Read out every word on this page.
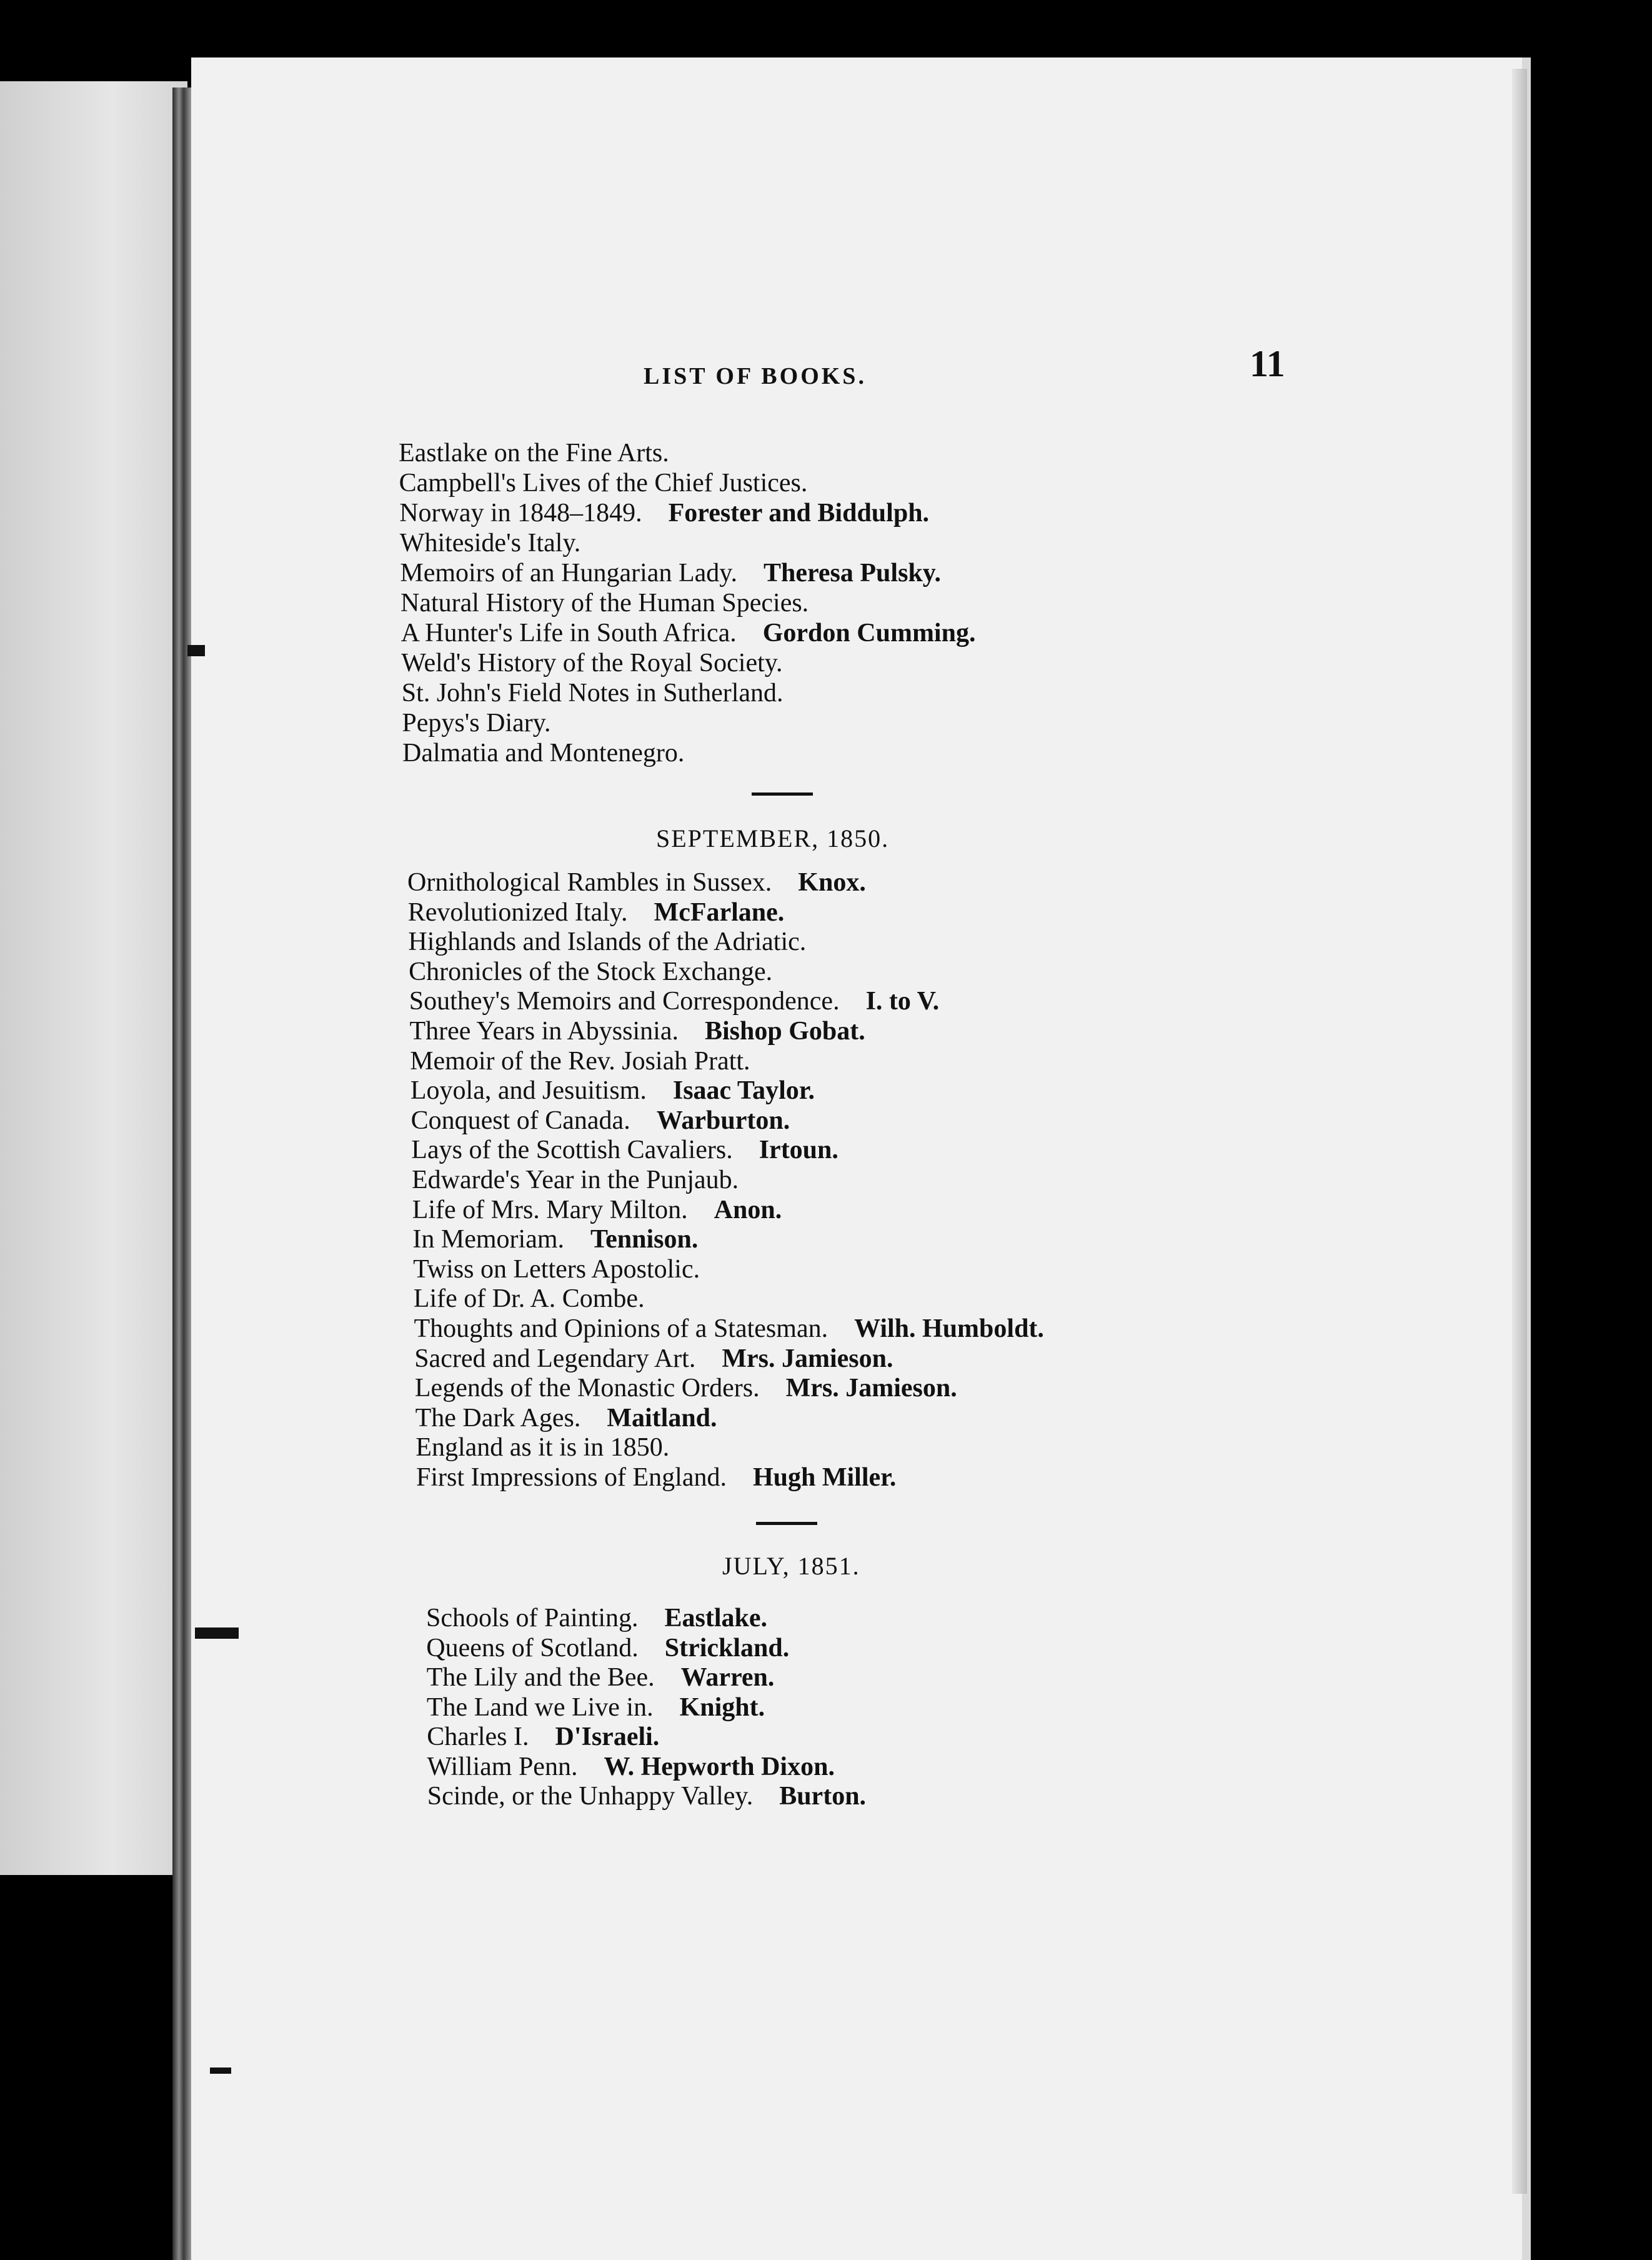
LIST OF BOOKS.	11
Eastlake on the Fine Arts.
Campbell's Lives of the Chief Justices.
Norway in 1848–1849.  Forester and Biddulph.
Whiteside's Italy.
Memoirs of an Hungarian Lady.  Theresa Pulsky.
Natural History of the Human Species.
A Hunter's Life in South Africa.  Gordon Cumming.
Weld's History of the Royal Society.
St. John's Field Notes in Sutherland.
Pepys's Diary.
Dalmatia and Montenegro.
SEPTEMBER, 1850.
Ornithological Rambles in Sussex.  Knox.
Revolutionized Italy.  McFarlane.
Highlands and Islands of the Adriatic.
Chronicles of the Stock Exchange.
Southey's Memoirs and Correspondence.  I. to V.
Three Years in Abyssinia.  Bishop Gobat.
Memoir of the Rev. Josiah Pratt.
Loyola, and Jesuitism.  Isaac Taylor.
Conquest of Canada.  Warburton.
Lays of the Scottish Cavaliers.  Irtoun.
Edwarde's Year in the Punjaub.
Life of Mrs. Mary Milton.  Anon.
In Memoriam.  Tennison.
Twiss on Letters Apostolic.
Life of Dr. A. Combe.
Thoughts and Opinions of a Statesman.  Wilh. Humboldt.
Sacred and Legendary Art.  Mrs. Jamieson.
Legends of the Monastic Orders.  Mrs. Jamieson.
The Dark Ages.  Maitland.
England as it is in 1850.
First Impressions of England.  Hugh Miller.
JULY, 1851.
Schools of Painting.  Eastlake.
Queens of Scotland.  Strickland.
The Lily and the Bee.  Warren.
The Land we Live in.  Knight.
Charles I.  D'Israeli.
William Penn.  W. Hepworth Dixon.
Scinde, or the Unhappy Valley.  Burton.
